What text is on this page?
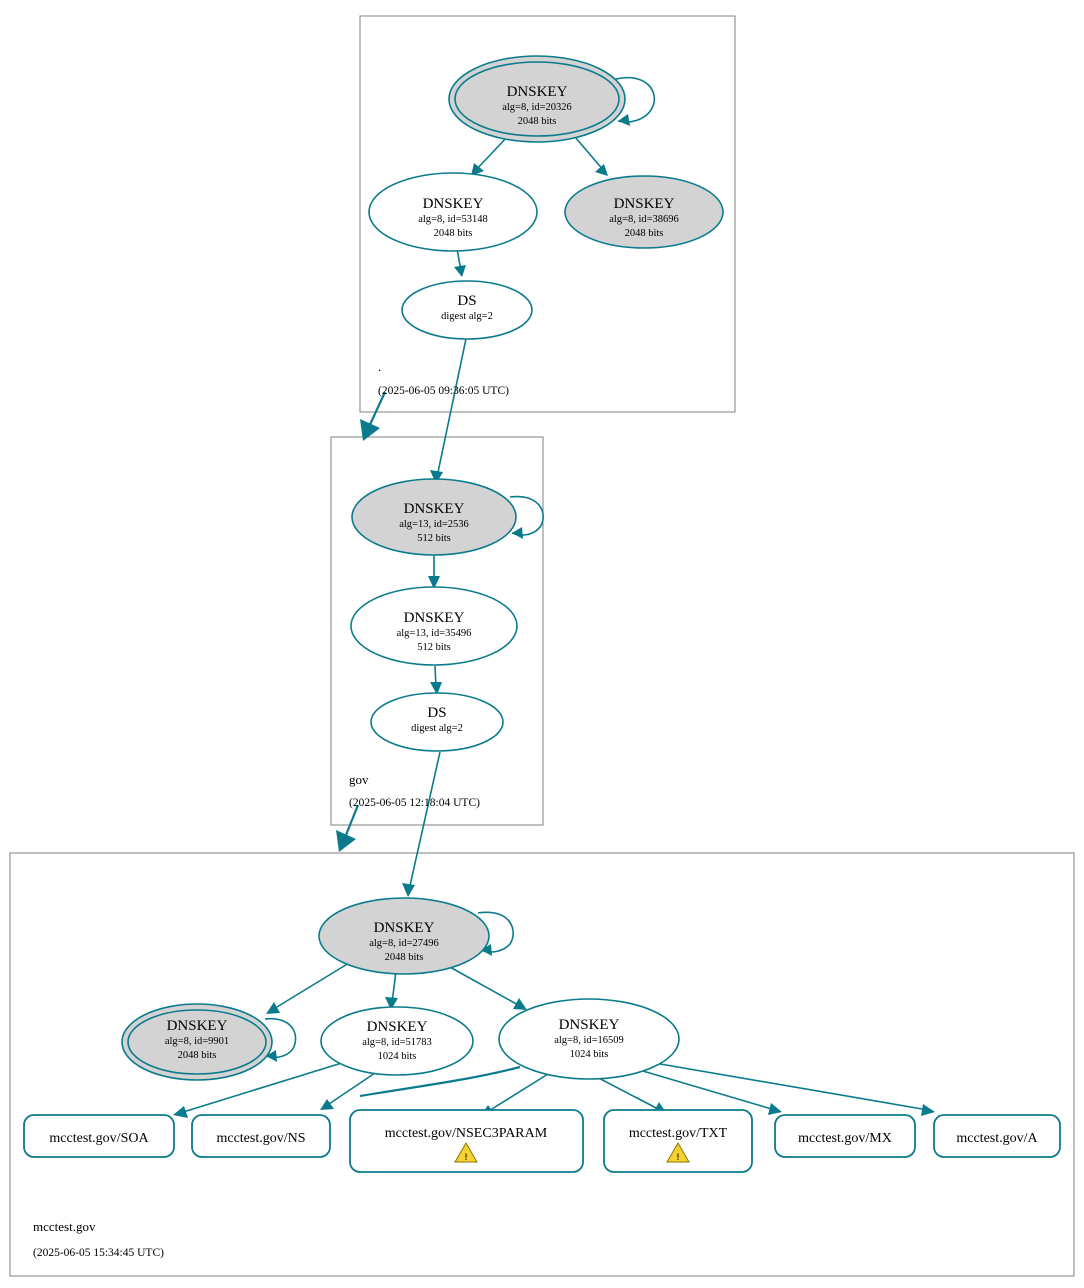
DNSKEY
alg=8, id=20326
2048 bits
DNSKEY
alg=8, id=53148
2048 bits
DNSKEY
alg=8, id=38696
2048 bits
DS
digest alg=2
.
(2025-06-05 09:36:05 UTC)
DNSKEY
alg=13, id=2536
512 bits
DNSKEY
alg=13, id=35496
512 bits
DS
digest alg=2
gov
(2025-06-05 12:18:04 UTC)
DNSKEY
alg=8, id=27496
2048 bits
DNSKEY
alg=8, id=9901
2048 bits
DNSKEY
alg=8, id=51783
1024 bits
DNSKEY
alg=8, id=16509
1024 bits
mcctest.gov/SOA	mcctest.gov/NS	mcctest.gov/NSEC3PARAM
!
mcctest.gov/TXT
!
mcctest.gov/MX	mcctest.gov/A
mcctest.gov
(2025-06-05 15:34:45 UTC)
